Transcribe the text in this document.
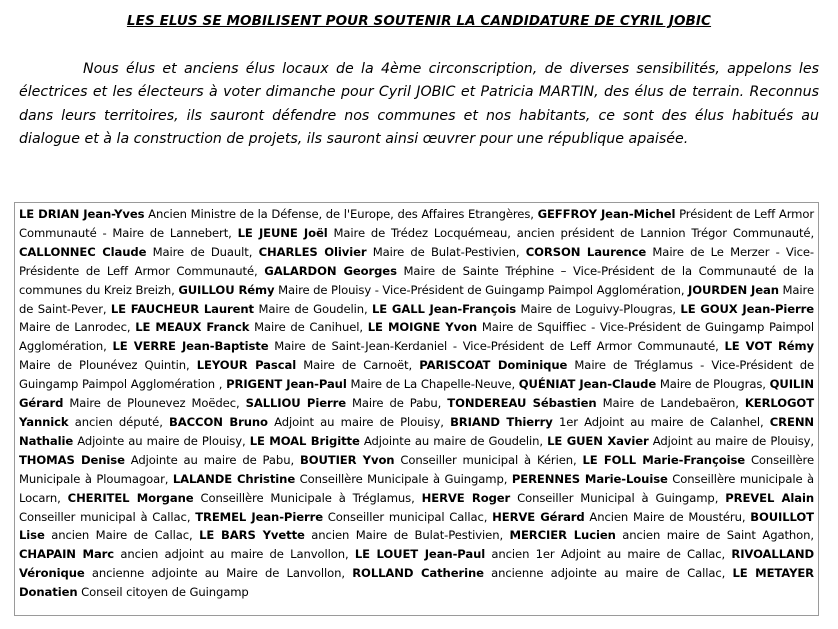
LES ELUS SE MOBILISENT POUR SOUTENIR LA CANDIDATURE DE CYRIL JOBIC

Nous élus et anciens élus locaux de la 4ème circonscription, de diverses sensibilités, appelons les électrices et les électeurs à voter dimanche pour Cyril JOBIC et Patricia MARTIN, des élus de terrain. Reconnus dans leurs territoires, ils sauront défendre nos communes et nos habitants, ce sont des élus habitués au dialogue et à la construction de projets, ils sauront ainsi œuvrer pour une république apaisée.

LE DRIAN Jean-Yves Ancien Ministre de la Défense, de l'Europe, des Affaires Etrangères, GEFFROY Jean-Michel Président de Leff Armor Communauté - Maire de Lannebert, LE JEUNE Joël Maire de Trédez Locquémeau, ancien président de Lannion Trégor Communauté, CALLONNEC Claude Maire de Duault, CHARLES Olivier Maire de Bulat-Pestivien, CORSON Laurence Maire de Le Merzer - Vice-Présidente de Leff Armor Communauté, GALARDON Georges Maire de Sainte Tréphine – Vice-Président de la Communauté de la communes du Kreiz Breizh, GUILLOU Rémy Maire de Plouisy - Vice-Président de Guingamp Paimpol Agglomération, JOURDEN Jean Maire de Saint-Pever, LE FAUCHEUR Laurent Maire de Goudelin, LE GALL Jean-François Maire de Loguivy-Plougras, LE GOUX Jean-Pierre Maire de Lanrodec, LE MEAUX Franck Maire de Canihuel, LE MOIGNE Yvon Maire de Squiffiec - Vice-Président de Guingamp Paimpol Agglomération, LE VERRE Jean-Baptiste Maire de Saint-Jean-Kerdaniel - Vice-Président de Leff Armor Communauté, LE VOT Rémy Maire de Plounévez Quintin, LEYOUR Pascal Maire de Carnoët, PARISCOAT Dominique Maire de Tréglamus - Vice-Président de Guingamp Paimpol Agglomération , PRIGENT Jean-Paul Maire de La Chapelle-Neuve, QUÉNIAT Jean-Claude Maire de Plougras, QUILIN Gérard Maire de Plounevez Moëdec, SALLIOU Pierre Maire de Pabu, TONDEREAU Sébastien Maire de Landebaëron, KERLOGOT Yannick ancien député, BACCON Bruno Adjoint au maire de Plouisy, BRIAND Thierry 1er Adjoint au maire de Calanhel, CRENN Nathalie Adjointe au maire de Plouisy, LE MOAL Brigitte Adjointe au maire de Goudelin, LE GUEN Xavier Adjoint au maire de Plouisy, THOMAS Denise Adjointe au maire de Pabu, BOUTIER Yvon Conseiller municipal à Kérien, LE FOLL Marie-Françoise Conseillère Municipale à Ploumagoar, LALANDE Christine Conseillère Municipale à Guingamp, PERENNES Marie-Louise Conseillère municipale à Locarn, CHERITEL Morgane Conseillère Municipale à Tréglamus, HERVE Roger Conseiller Municipal à Guingamp, PREVEL Alain Conseiller municipal à Callac, TREMEL Jean-Pierre Conseiller municipal Callac, HERVE Gérard Ancien Maire de Moustéru, BOUILLOT Lise ancien Maire de Callac, LE BARS Yvette ancien Maire de Bulat-Pestivien, MERCIER Lucien ancien maire de Saint Agathon, CHAPAIN Marc ancien adjoint au maire de Lanvollon, LE LOUET Jean-Paul ancien 1er Adjoint au maire de Callac, RIVOALLAND Véronique ancienne adjointe au Maire de Lanvollon, ROLLAND Catherine ancienne adjointe au maire de Callac, LE METAYER Donatien Conseil citoyen de Guingamp
